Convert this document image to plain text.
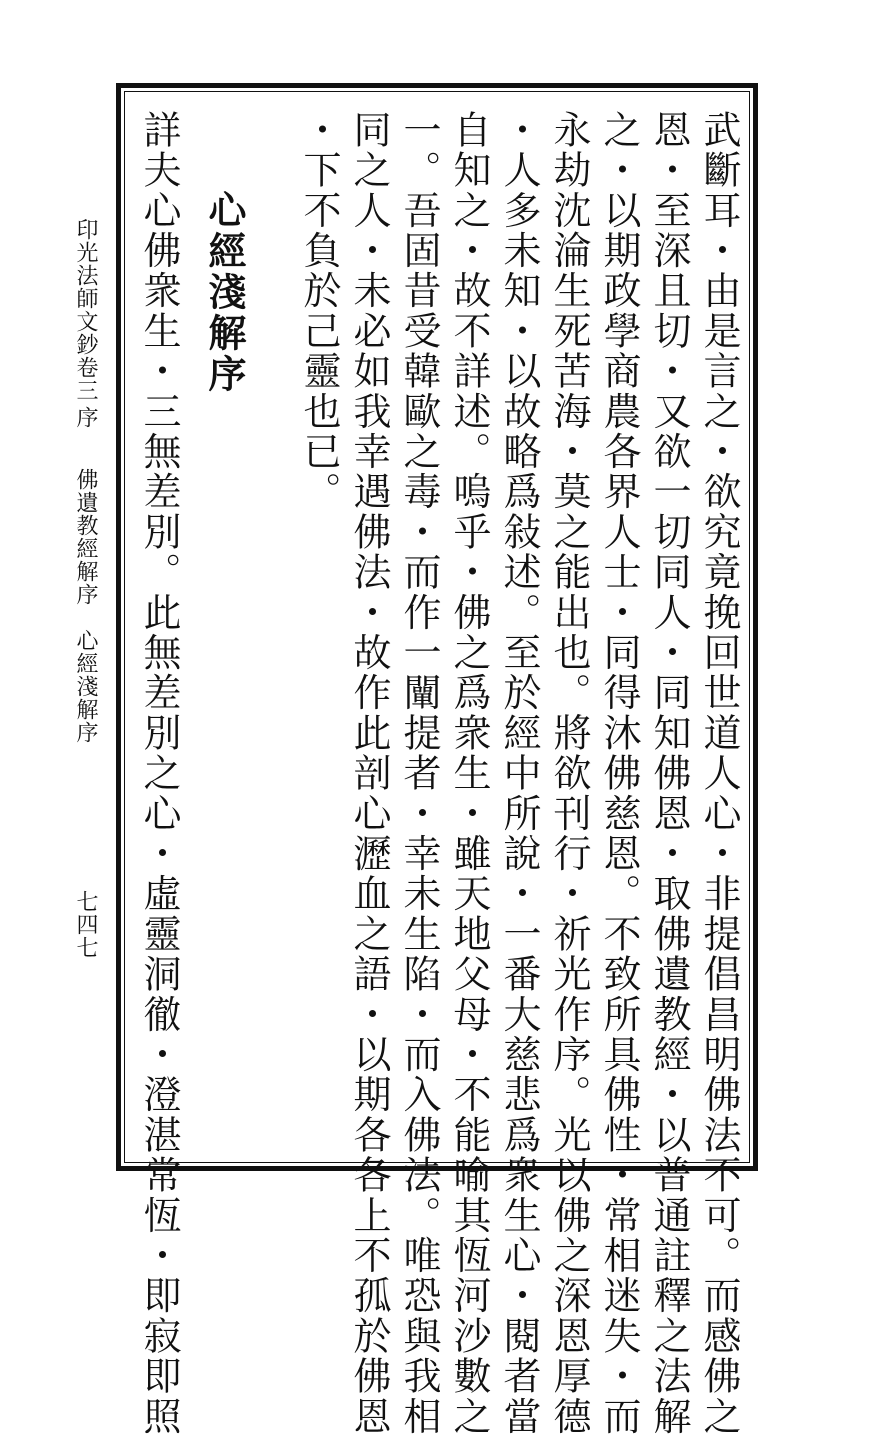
武斷耳・由是言之・欲究竟挽回世道人心・非提倡昌明佛法不可。而感佛之

恩・至深且切・又欲一切同人・同知佛恩・取佛遺教經・以普通註釋之法解

之・以期政學商農各界人士・同得沐佛慈恩。不致所具佛性・常相迷失・而

永劫沈淪生死苦海・莫之能出也。將欲刊行・祈光作序。光以佛之深恩厚德

・人多未知・以故略爲敍述。至於經中所說・一番大慈悲爲衆生心・閱者當

自知之・故不詳述。嗚乎・佛之爲衆生・雖天地父母・不能喻其恆河沙數之

一。吾固昔受韓歐之毒・而作一闡提者・幸未生陷・而入佛法。唯恐與我相

同之人・未必如我幸遇佛法・故作此剖心瀝血之語・以期各各上不孤於佛恩

・下不負於己靈也已。

心經淺解序

詳夫心佛衆生・三無差別。此無差別之心・虛靈洞徹・澄湛常恆・即寂即照

印光法師文鈔卷三

序

佛遺教經解序　心經淺解序

七四七
